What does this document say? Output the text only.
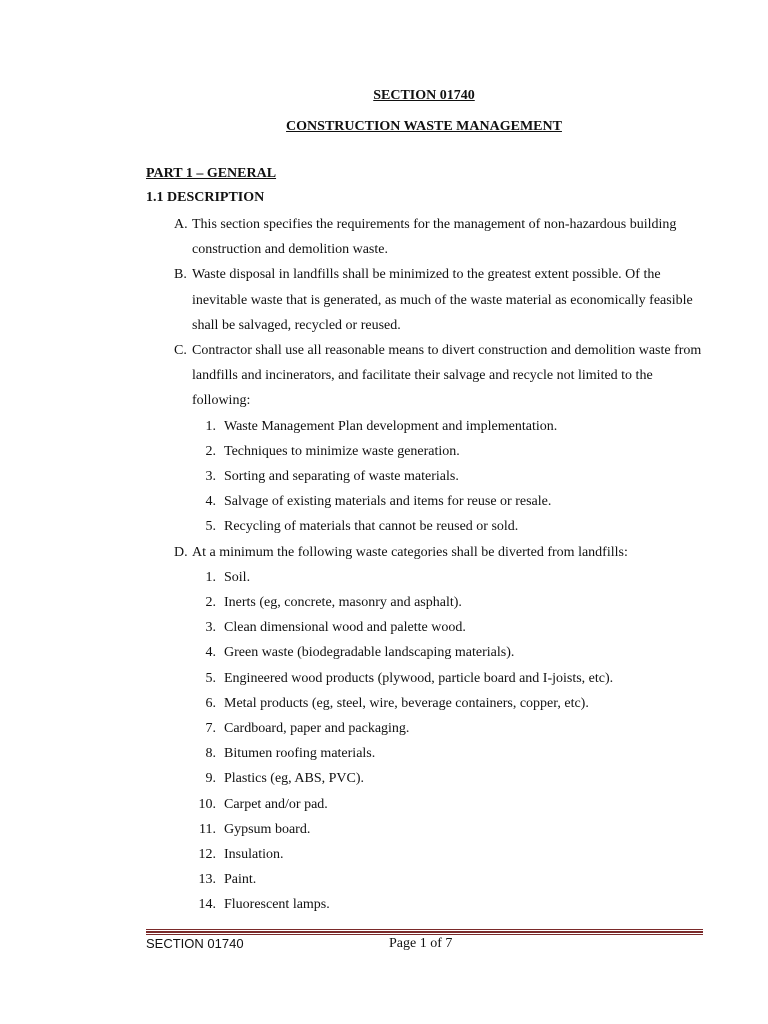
SECTION 01740

CONSTRUCTION WASTE MANAGEMENT

PART 1 – GENERAL

1.1 DESCRIPTION

A. This section specifies the requirements for the management of non-hazardous building construction and demolition waste.
B. Waste disposal in landfills shall be minimized to the greatest extent possible. Of the inevitable waste that is generated, as much of the waste material as economically feasible shall be salvaged, recycled or reused.
C. Contractor shall use all reasonable means to divert construction and demolition waste from landfills and incinerators, and facilitate their salvage and recycle not limited to the following:
1. Waste Management Plan development and implementation.
2. Techniques to minimize waste generation.
3. Sorting and separating of waste materials.
4. Salvage of existing materials and items for reuse or resale.
5. Recycling of materials that cannot be reused or sold.
D. At a minimum the following waste categories shall be diverted from landfills:
1. Soil.
2. Inerts (eg, concrete, masonry and asphalt).
3. Clean dimensional wood and palette wood.
4. Green waste (biodegradable landscaping materials).
5. Engineered wood products (plywood, particle board and I-joists, etc).
6. Metal products (eg, steel, wire, beverage containers, copper, etc).
7. Cardboard, paper and packaging.
8. Bitumen roofing materials.
9. Plastics (eg, ABS, PVC).
10. Carpet and/or pad.
11. Gypsum board.
12. Insulation.
13. Paint.
14. Fluorescent lamps.

SECTION 01740	Page 1 of 7
